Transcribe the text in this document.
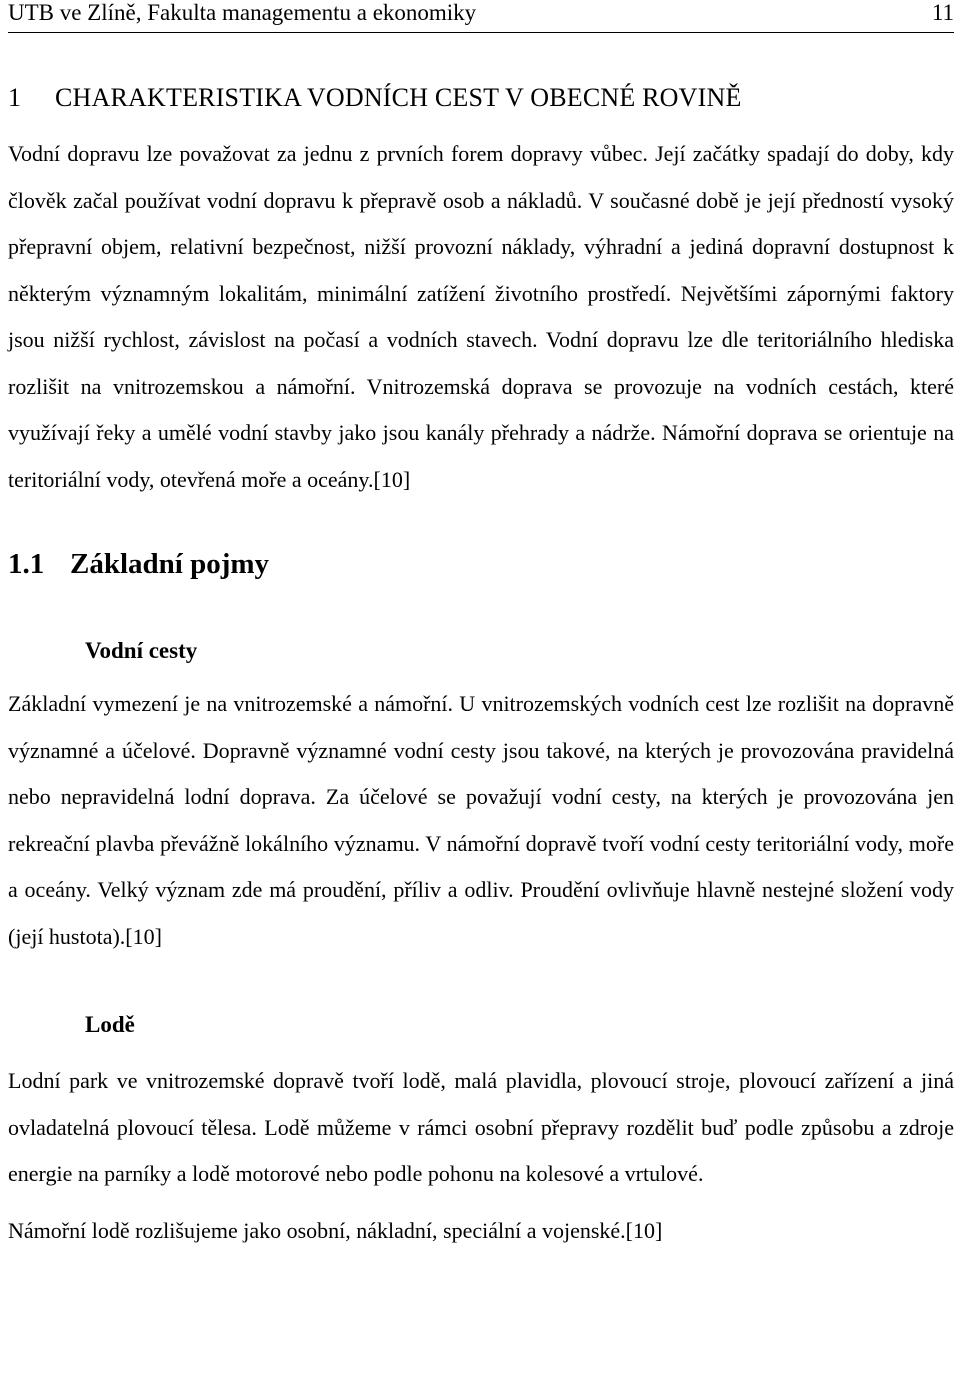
UTB ve Zlíně, Fakulta managementu a ekonomiky	11
1 CHARAKTERISTIKA VODNÍCH CEST V OBECNÉ ROVINĚ

Vodní dopravu lze považovat za jednu z prvních forem dopravy vůbec. Její začátky spadají do doby, kdy člověk začal používat vodní dopravu k přepravě osob a nákladů. V současné době je její předností vysoký přepravní objem, relativní bezpečnost, nižší provozní náklady, výhradní a jediná dopravní dostupnost k některým významným lokalitám, minimální zatížení životního prostředí. Největšími zápornými faktory jsou nižší rychlost, závislost na počasí a vodních stavech. Vodní dopravu lze dle teritoriálního hlediska rozlišit na vnitrozemskou a námořní. Vnitrozemská doprava se provozuje na vodních cestách, které využívají řeky a umělé vodní stavby jako jsou kanály přehrady a nádrže. Námořní doprava se orientuje na teritoriální vody, otevřená moře a oceány.[10]

1.1 Základní pojmy
Vodní cesty

Základní vymezení je na vnitrozemské a námořní. U vnitrozemských vodních cest lze rozlišit na dopravně významné a účelové. Dopravně významné vodní cesty jsou takové, na kterých je provozována pravidelná nebo nepravidelná lodní doprava. Za účelové se považují vodní cesty, na kterých je provozována jen rekreační plavba převážně lokálního významu. V námořní dopravě tvoří vodní cesty teritoriální vody, moře a oceány. Velký význam zde má proudění, příliv a odliv. Proudění ovlivňuje hlavně nestejné složení vody (její hustota).[10]

Lodě

Lodní park ve vnitrozemské dopravě tvoří lodě, malá plavidla, plovoucí stroje, plovoucí zařízení a jiná ovladatelná plovoucí tělesa. Lodě můžeme v rámci osobní přepravy rozdělit buď podle způsobu a zdroje energie na parníky a lodě motorové nebo podle pohonu na kolesové a vrtulové.

Námořní lodě rozlišujeme jako osobní, nákladní, speciální a vojenské.[10]
